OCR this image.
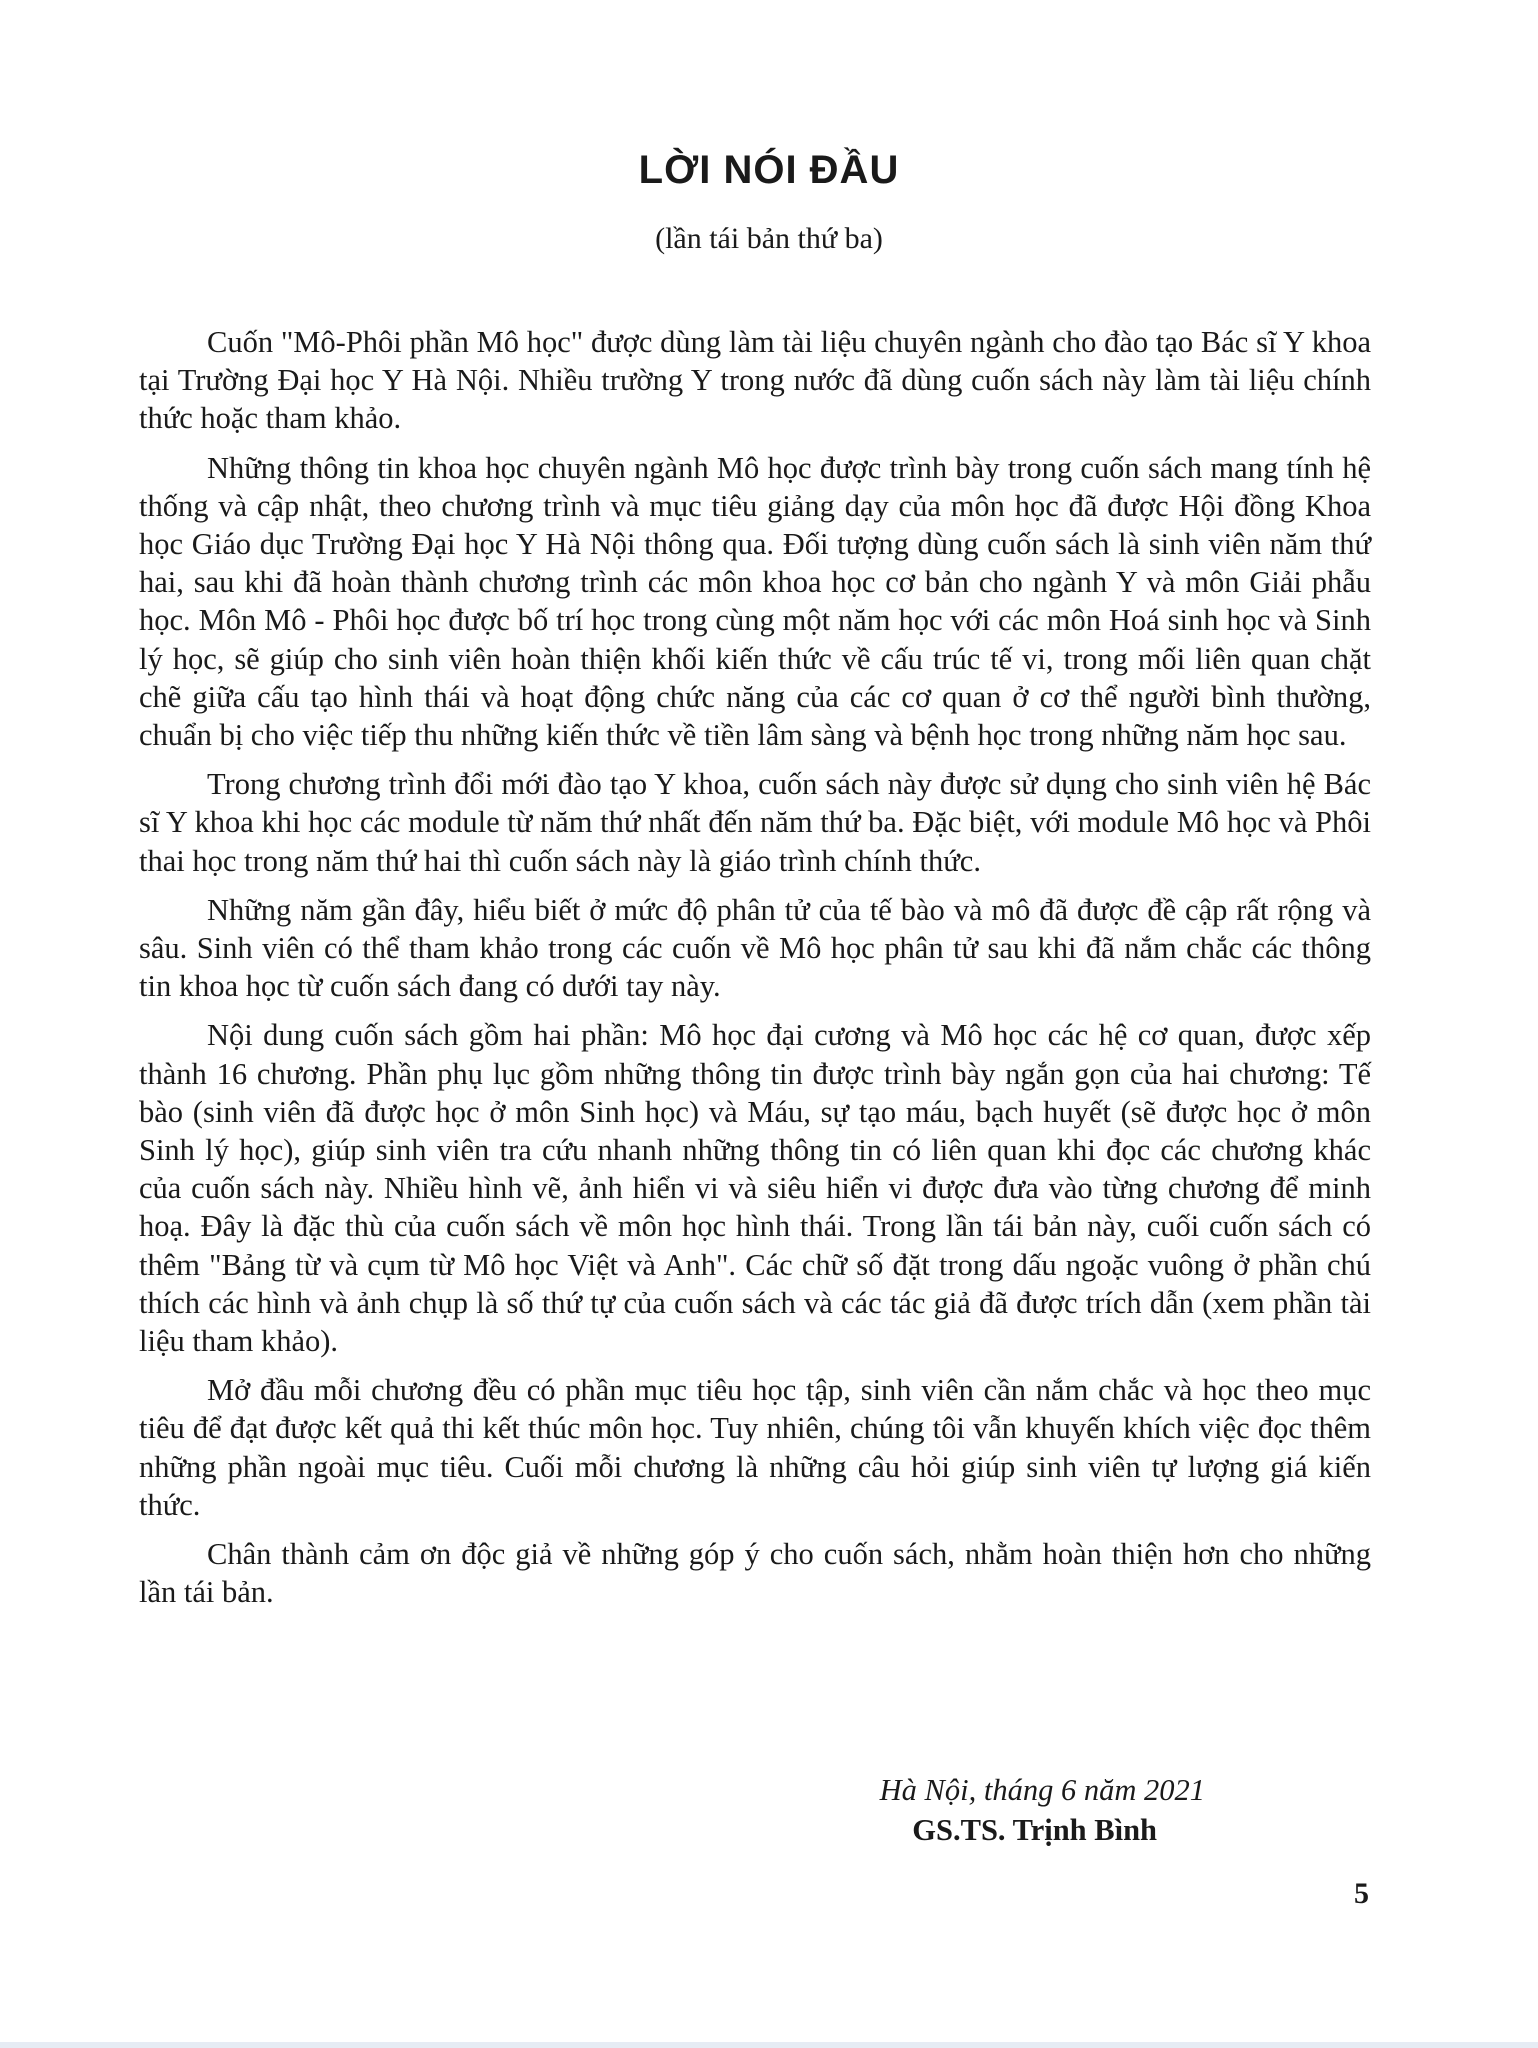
LỜI NÓI ĐẦU

(lần tái bản thứ ba)

Cuốn "Mô-Phôi phần Mô học" được dùng làm tài liệu chuyên ngành cho đào tạo Bác sĩ Y khoa tại Trường Đại học Y Hà Nội. Nhiều trường Y trong nước đã dùng cuốn sách này làm tài liệu chính thức hoặc tham khảo.

Những thông tin khoa học chuyên ngành Mô học được trình bày trong cuốn sách mang tính hệ thống và cập nhật, theo chương trình và mục tiêu giảng dạy của môn học đã được Hội đồng Khoa học Giáo dục Trường Đại học Y Hà Nội thông qua. Đối tượng dùng cuốn sách là sinh viên năm thứ hai, sau khi đã hoàn thành chương trình các môn khoa học cơ bản cho ngành Y và môn Giải phẫu học. Môn Mô - Phôi học được bố trí học trong cùng một năm học với các môn Hoá sinh học và Sinh lý học, sẽ giúp cho sinh viên hoàn thiện khối kiến thức về cấu trúc tế vi, trong mối liên quan chặt chẽ giữa cấu tạo hình thái và hoạt động chức năng của các cơ quan ở cơ thể người bình thường, chuẩn bị cho việc tiếp thu những kiến thức về tiền lâm sàng và bệnh học trong những năm học sau.

Trong chương trình đổi mới đào tạo Y khoa, cuốn sách này được sử dụng cho sinh viên hệ Bác sĩ Y khoa khi học các module từ năm thứ nhất đến năm thứ ba. Đặc biệt, với module Mô học và Phôi thai học trong năm thứ hai thì cuốn sách này là giáo trình chính thức.

Những năm gần đây, hiểu biết ở mức độ phân tử của tế bào và mô đã được đề cập rất rộng và sâu. Sinh viên có thể tham khảo trong các cuốn về Mô học phân tử sau khi đã nắm chắc các thông tin khoa học từ cuốn sách đang có dưới tay này.

Nội dung cuốn sách gồm hai phần: Mô học đại cương và Mô học các hệ cơ quan, được xếp thành 16 chương. Phần phụ lục gồm những thông tin được trình bày ngắn gọn của hai chương: Tế bào (sinh viên đã được học ở môn Sinh học) và Máu, sự tạo máu, bạch huyết (sẽ được học ở môn Sinh lý học), giúp sinh viên tra cứu nhanh những thông tin có liên quan khi đọc các chương khác của cuốn sách này. Nhiều hình vẽ, ảnh hiển vi và siêu hiển vi được đưa vào từng chương để minh hoạ. Đây là đặc thù của cuốn sách về môn học hình thái. Trong lần tái bản này, cuối cuốn sách có thêm "Bảng từ và cụm từ Mô học Việt và Anh". Các chữ số đặt trong dấu ngoặc vuông ở phần chú thích các hình và ảnh chụp là số thứ tự của cuốn sách và các tác giả đã được trích dẫn (xem phần tài liệu tham khảo).

Mở đầu mỗi chương đều có phần mục tiêu học tập, sinh viên cần nắm chắc và học theo mục tiêu để đạt được kết quả thi kết thúc môn học. Tuy nhiên, chúng tôi vẫn khuyến khích việc đọc thêm những phần ngoài mục tiêu. Cuối mỗi chương là những câu hỏi giúp sinh viên tự lượng giá kiến thức.

Chân thành cảm ơn độc giả về những góp ý cho cuốn sách, nhằm hoàn thiện hơn cho những lần tái bản.

Hà Nội, tháng 6 năm 2021

GS.TS. Trịnh Bình

5
